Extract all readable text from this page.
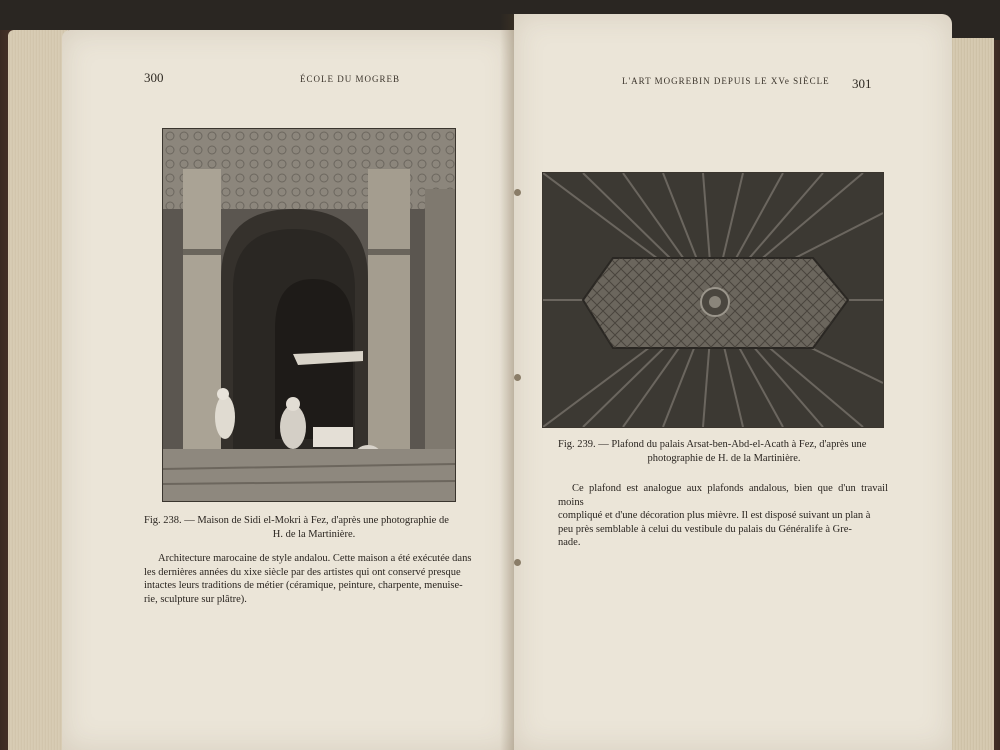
300	ÉCOLE DU MOGREB
Fig. 238. — Maison de Sidi el-Mokri à Fez, d'après une photographie de
H. de la Martinière.

Architecture marocaine de style andalou. Cette maison a été exécutée dans

les dernières années du xixe siècle par des artistes qui ont conservé presque

intactes leurs traditions de métier (céramique, peinture, charpente, menuise-

rie, sculpture sur plâtre).

L'ART MOGREBIN DEPUIS LE XVe SIÈCLE 301
Fig. 239. — Plafond du palais Arsat-ben-Abd-el-Acath à Fez, d'après une
photographie de H. de la Martinière.

Ce plafond est analogue aux plafonds andalous, bien que d'un travail moins

compliqué et d'une décoration plus mièvre. Il est disposé suivant un plan à

peu près semblable à celui du vestibule du palais du Généralife à Gre-

nade.
